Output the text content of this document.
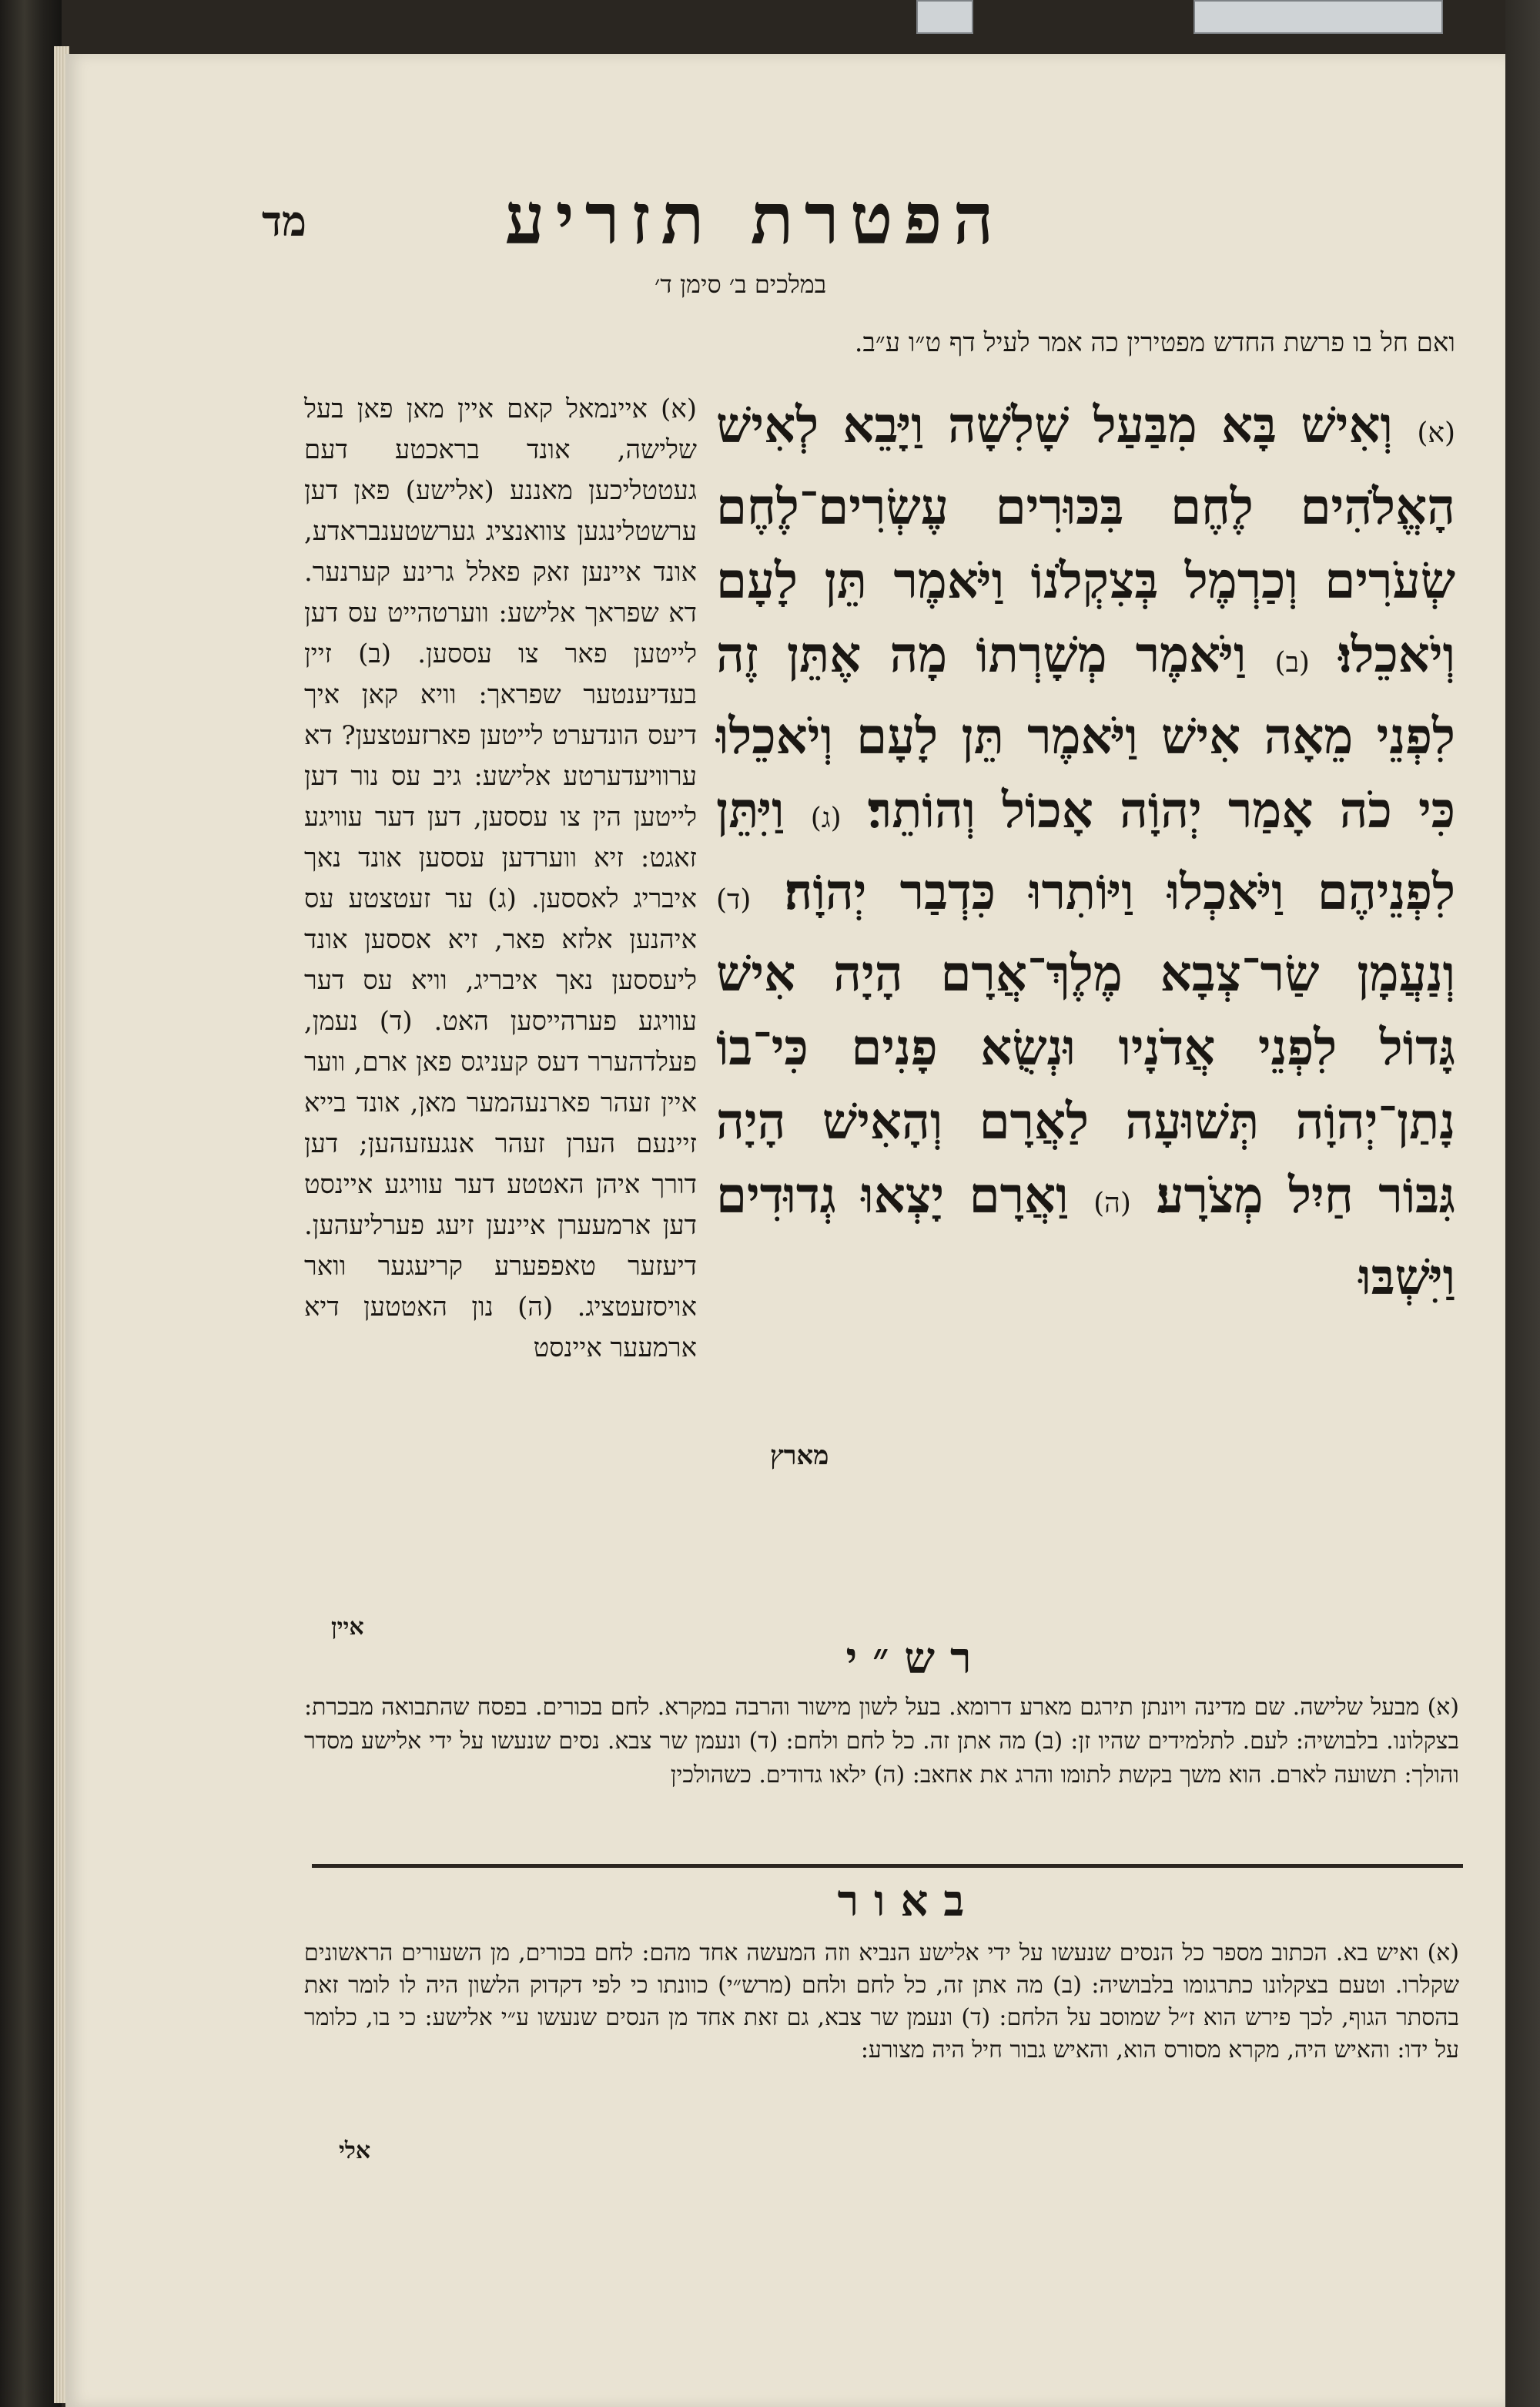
מד	הפטרת תזריע
במלכים ב׳ סימן ד׳
ואם חל בו פרשת החדש מפטירין כה אמר לעיל דף ט״ו ע״ב.
(א) וְאִישׁ בָּא מִבַּעַל שָׁלִשָׁה וַיָּבֵא לְאִישׁ הָאֱלֹהִים לֶחֶם בִּכּוּרִים עֶשְׂרִים־לֶחֶם שְׂעֹרִים וְכַרְמֶל בְּצִקְלֹנוֹ וַיֹּאמֶר תֵּן לָעָם וְיֹאכֵלוּ׃ (ב) וַיֹּאמֶר מְשָׁרְתוֹ מָה אֶתֵּן זֶה לִפְנֵי מֵאָה אִישׁ וַיֹּאמֶר תֵּן לָעָם וְיֹאכֵלוּ כִּי כֹה אָמַר יְהוָֹה אָכוֹל וְהוֹתֵר׃ (ג) וַיִּתֵּן לִפְנֵיהֶם וַיֹּאכְלוּ וַיּוֹתִרוּ כִּדְבַר יְהוָֹה׃ (ד) וְנַעֲמָן שַׂר־צְבָא מֶלֶךְ־אֲרָם הָיָה אִישׁ גָּדוֹל לִפְנֵי אֲדֹנָיו וּנְשֻׂא פָנִים כִּי־בוֹ נָתַן־יְהוָֹה תְּשׁוּעָה לַאֲרָם וְהָאִישׁ הָיָה גִּבּוֹר חַיִל מְצֹרָע׃ (ה) וַאֲרָם יָצְאוּ גְדוּדִים וַיִּשְׁבּוּ
מארץ
(א) איינמאל קאם איין מאן פאן בעל שלישה, אונד בראכטע דעם געטטליכען מאננע (אלישע) פאן דען ערשטלינגען צוואנציג גערשטענבראדע, אונד איינען זאק פאלל גרינע קערנער. דא שפראך אלישע: ווערטהייט עס דען לייטען פאר צו עססען. (ב) זיין בעדיענטער שפראך: וויא קאן איך דיעס הונדערט לייטען פארזעטצען? דא ערוויעדערטע אלישע: גיב עס נור דען לייטען הין צו עססען, דען דער עוויגע זאגט: זיא ווערדען עססען אונד נאך איבריג לאססען. (ג) ער זעטצטע עס איהנען אלזא פאר, זיא אססען אונד ליעססען נאך איבריג, וויא עס דער עוויגע פערהייסען האט. (ד) נעמן, פעלדהערר דעס קעניגס פאן ארם, ווער איין זעהר פארנעהמער מאן, אונד בייא זיינעם הערן זעהר אנגעזעהען; דען דורך איהן האטטע דער עוויגע איינסט דען ארמעערן איינען זיעג פערליעהען. דיעזער טאפפערע קריעגער וואר אויסזעטציג. (ה) נון האטטען דיא ארמעער איינסט
איין
רש״י
(א) מבעל שלישה. שם מדינה ויונתן תירגם מארע דרומא. בעל לשון מישור והרבה במקרא. לחם בכורים. בפסח שהתבואה מבכרת: בצקלונו. בלבושיה: לעם. לתלמידים שהיו זן: (ב) מה אתן זה. כל לחם ולחם: (ד) ונעמן שר צבא. נסים שנעשו על ידי אלישע מסדר והולך: תשועה לארם. הוא משך בקשת לתומו והרג את אחאב: (ה) ילאו גדודים. כשהולכין
באור
(א) ואיש בא. הכתוב מספר כל הנסים שנעשו על ידי אלישע הנביא וזה המעשה אחד מהם: לחם בכורים, מן השעורים הראשונים שקלרו. וטעם בצקלונו כתרגומו בלבושיה: (ב) מה אתן זה, כל לחם ולחם (מרש״י) כוונתו כי לפי דקדוק הלשון היה לו לומר זאת בהסתר הגוף, לכך פירש הוא ז״ל שמוסב על הלחם: (ד) ונעמן שר צבא, גם זאת אחד מן הנסים שנעשו ע״י אלישע: כי בו, כלומר על ידו: והאיש היה, מקרא מסורס הוא, והאיש גבור חיל היה מצורע:
אלי
